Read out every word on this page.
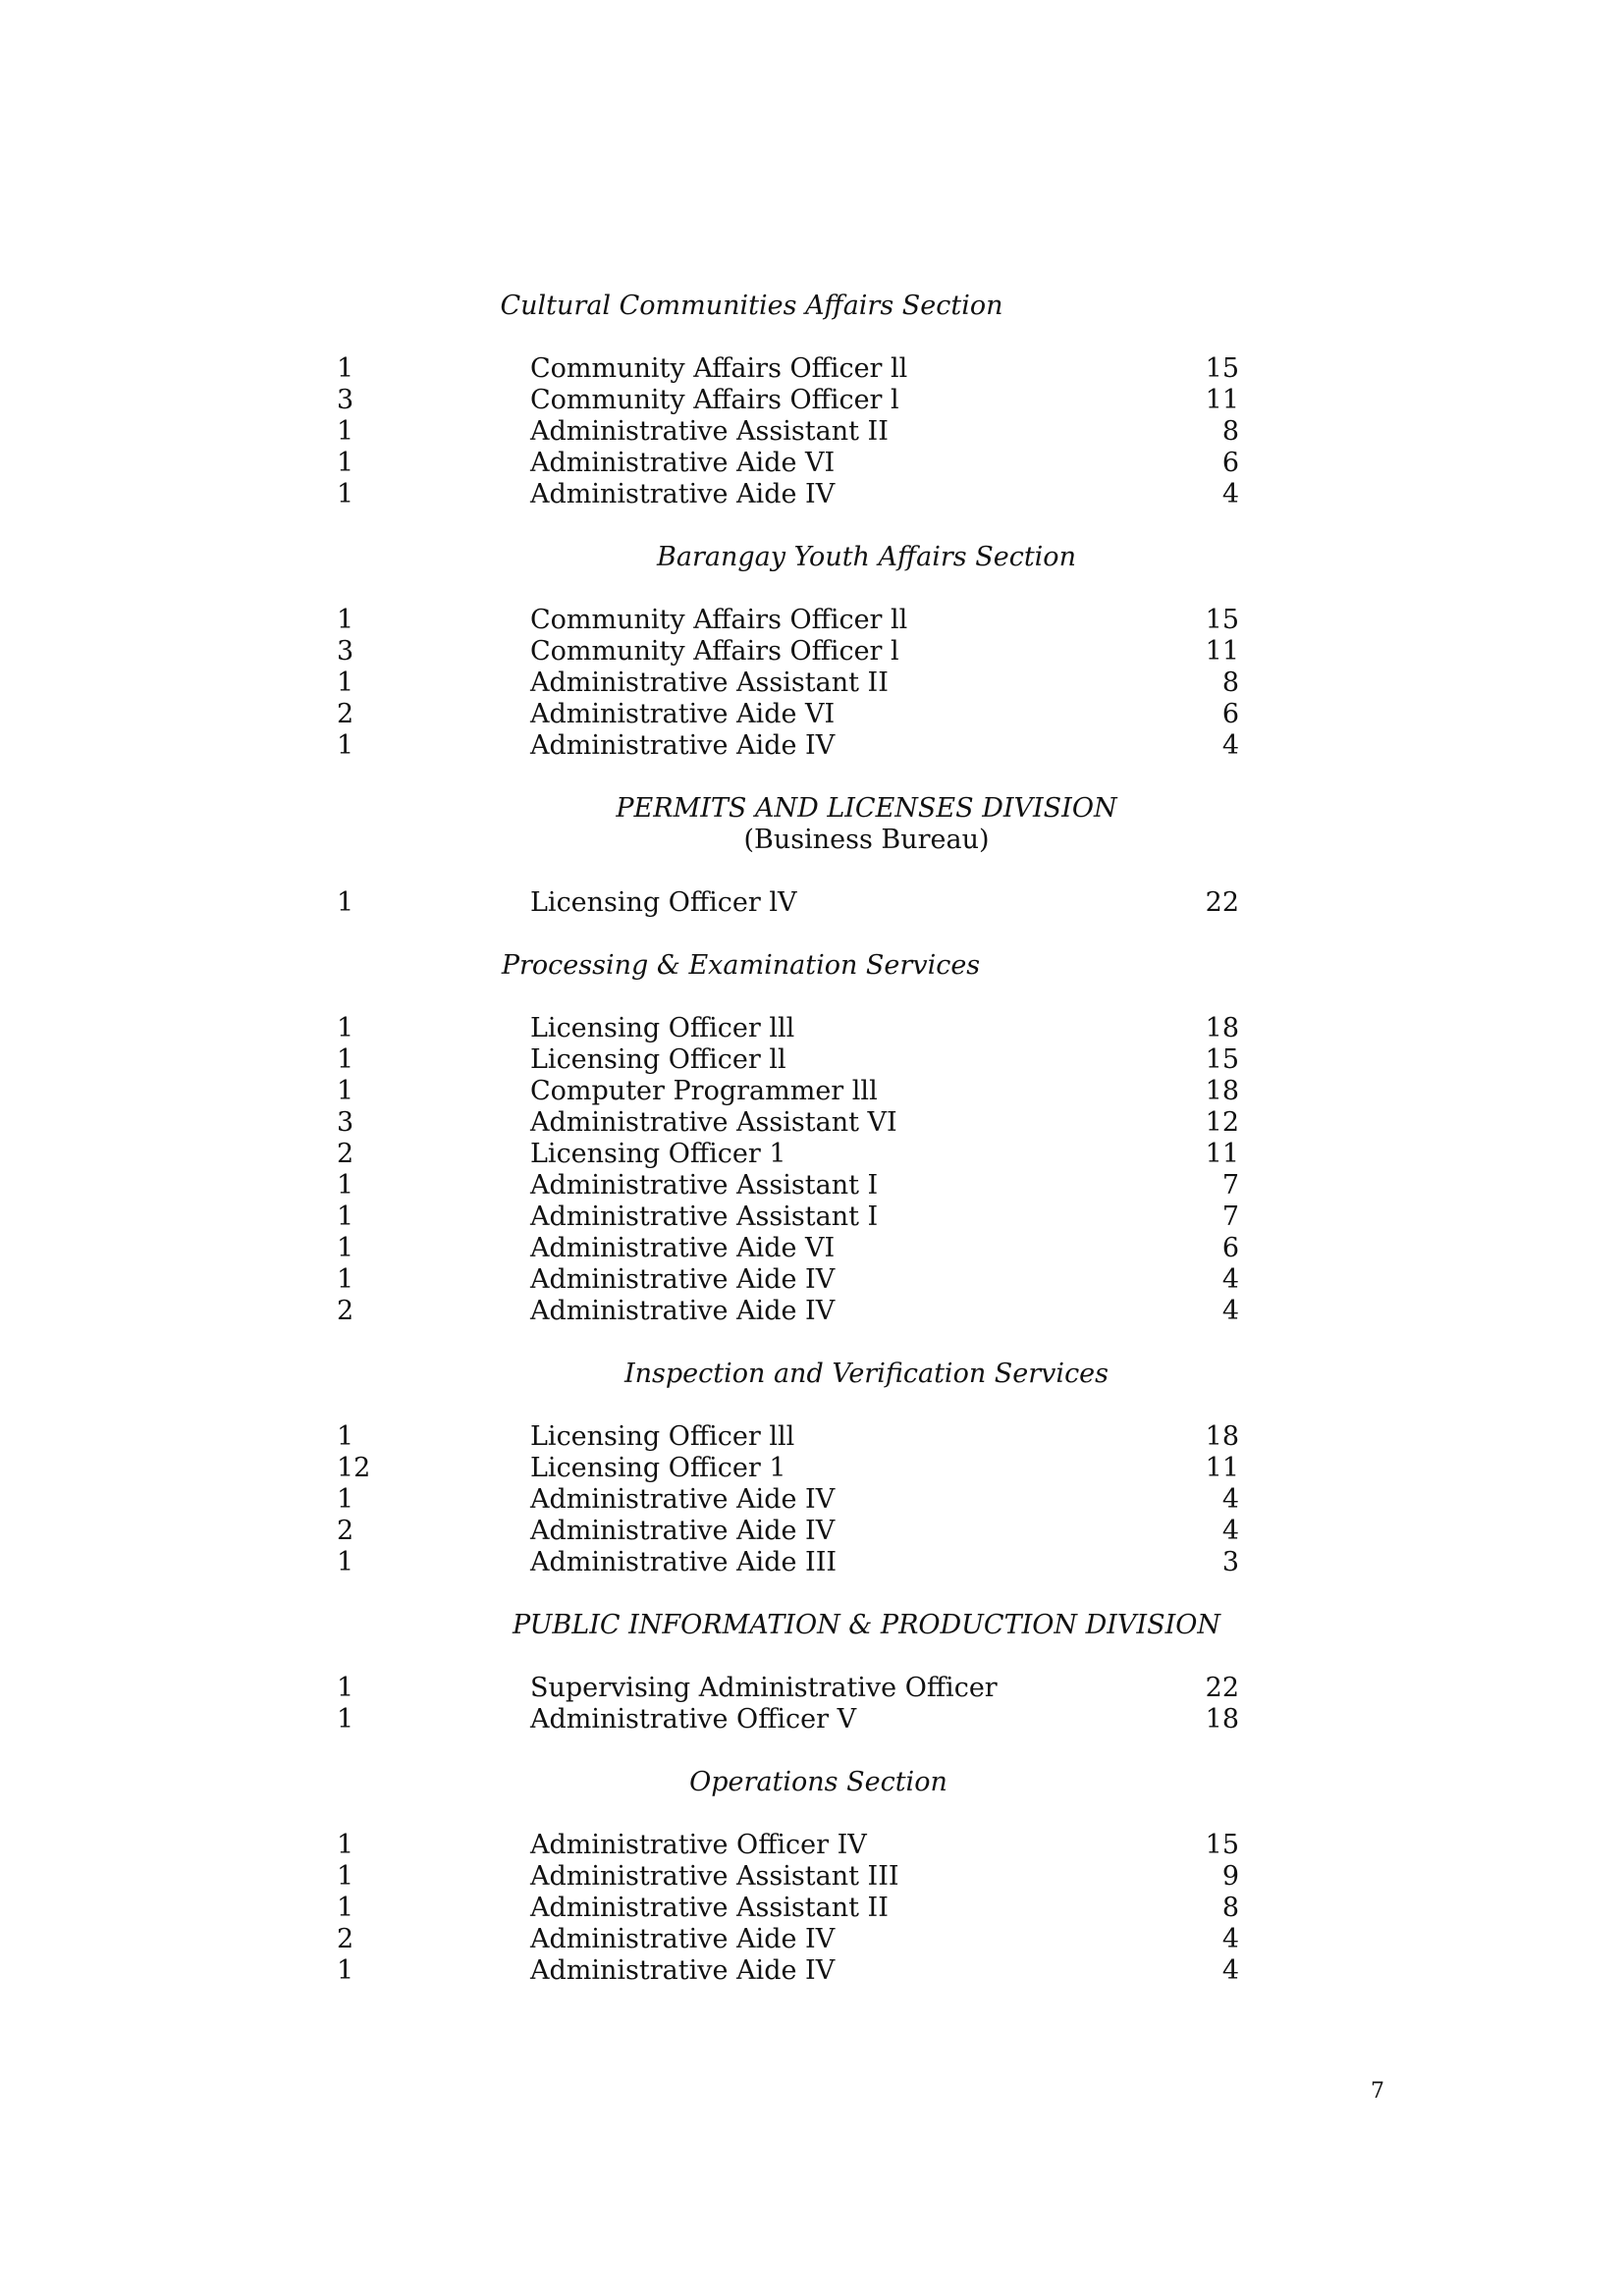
7
Cultural Communities Affairs Section
1	Community Affairs Officer ll	15
3	Community Affairs Officer l	11
1	Administrative Assistant II	8
1	Administrative Aide VI	6
1	Administrative Aide IV	4
Barangay Youth Affairs Section
1	Community Affairs Officer ll	15
3	Community Affairs Officer l	11
1	Administrative Assistant II	8
2	Administrative Aide VI	6
1	Administrative Aide IV	4
PERMITS AND LICENSES DIVISION
(Business Bureau)
1	Licensing Officer lV	22
Processing & Examination Services
1	Licensing Officer lll	18
1	Licensing Officer ll	15
1	Computer Programmer lll	18
3	Administrative Assistant VI	12
2	Licensing Officer 1	11
1	Administrative Assistant I	7
1	Administrative Assistant I	7
1	Administrative Aide VI	6
1	Administrative Aide IV	4
2	Administrative Aide IV	4
Inspection and Verification Services
1	Licensing Officer lll	18
12	Licensing Officer 1	11
1	Administrative Aide IV	4
2	Administrative Aide IV	4
1	Administrative Aide III	3
PUBLIC INFORMATION & PRODUCTION DIVISION
1	Supervising Administrative Officer	22
1	Administrative Officer V	18
Operations Section
1	Administrative Officer IV	15
1	Administrative Assistant III	9
1	Administrative Assistant II	8
2	Administrative Aide IV	4
1	Administrative Aide IV	4
